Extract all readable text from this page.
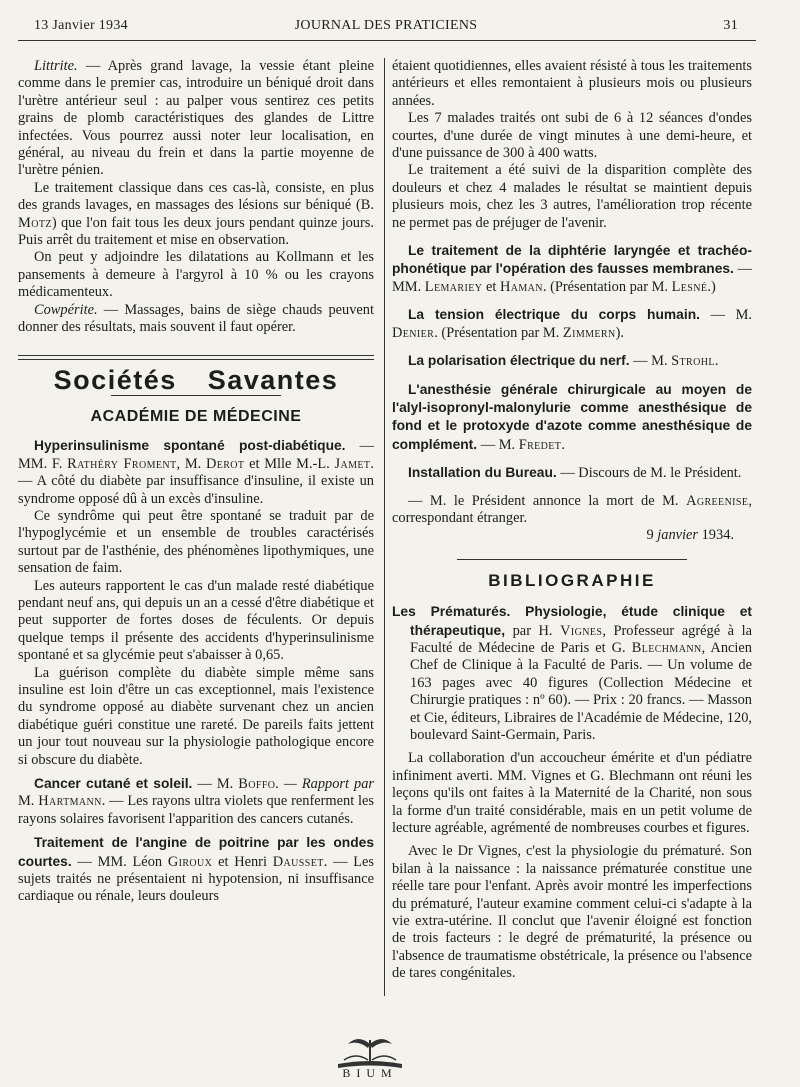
13 Janvier 1934	JOURNAL DES PRATICIENS	31

Littrite. — Après grand lavage, la vessie étant pleine comme dans le premier cas, introduire un béniqué droit dans l'urètre antérieur seul : au palper vous sentirez ces petits grains de plomb caractéristiques des glandes de Littre infectées. Vous pourrez aussi noter leur localisation, en général, au niveau du frein et dans la partie moyenne de l'urètre pénien.

Le traitement classique dans ces cas-là, consiste, en plus des grands lavages, en massages des lésions sur béniqué (B. Motz) que l'on fait tous les deux jours pendant quinze jours. Puis arrêt du traitement et mise en observation.

On peut y adjoindre les dilatations au Kollmann et les pansements à demeure à l'argyrol à 10 % ou les crayons médicamenteux.

Cowpérite. — Massages, bains de siège chauds peuvent donner des résultats, mais souvent il faut opérer.

Sociétés Savantes
ACADÉMIE DE MÉDECINE

Hyperinsulinisme spontané post-diabétique. — MM. F. Rathéry Froment, M. Derot et Mlle M.-L. Jamet. — A côté du diabète par insuffisance d'insuline, il existe un syndrome opposé dû à un excès d'insuline.

Ce syndrôme qui peut être spontané se traduit par de l'hypoglycémie et un ensemble de troubles caractérisés surtout par de l'asthénie, des phénomènes lipothymiques, une sensation de faim.

Les auteurs rapportent le cas d'un malade resté diabétique pendant neuf ans, qui depuis un an a cessé d'être diabétique et peut supporter de fortes doses de féculents. Or depuis quelque temps il présente des accidents d'hyperinsulinisme spontané et sa glycémie peut s'abaisser à 0,65.

La guérison complète du diabète simple même sans insuline est loin d'être un cas exceptionnel, mais l'existence du syndrome opposé au diabète survenant chez un ancien diabétique guéri constitue une rareté. De pareils faits jettent un jour tout nouveau sur la physiologie pathologique encore si obscure du diabète.

Cancer cutané et soleil. — M. Boffo. — Rapport par M. Hartmann. — Les rayons ultra violets que renferment les rayons solaires favorisent l'apparition des cancers cutanés.

Traitement de l'angine de poitrine par les ondes courtes. — MM. Léon Giroux et Henri Dausset. — Les sujets traités ne présentaient ni hypotension, ni insuffisance cardiaque ou rénale, leurs douleurs

étaient quotidiennes, elles avaient résisté à tous les traitements antérieurs et elles remontaient à plusieurs mois ou plusieurs années.

Les 7 malades traités ont subi de 6 à 12 séances d'ondes courtes, d'une durée de vingt minutes à une demi-heure, et d'une puissance de 300 à 400 watts.

Le traitement a été suivi de la disparition complète des douleurs et chez 4 malades le résultat se maintient depuis plusieurs mois, chez les 3 autres, l'amélioration trop récente ne permet pas de préjuger de l'avenir.

Le traitement de la diphtérie laryngée et trachéo-phonétique par l'opération des fausses membranes. — MM. Lemariey et Haman. (Présentation par M. Lesné.)

La tension électrique du corps humain. — M. Denier. (Présentation par M. Zimmern).

La polarisation électrique du nerf. — M. Strohl.

L'anesthésie générale chirurgicale au moyen de l'alyl-isopronyl-malonylurie comme anesthésique de fond et le protoxyde d'azote comme anesthésique de complément. — M. Fredet.

Installation du Bureau. — Discours de M. le Président.

— M. le Président annonce la mort de M. Agreenise, correspondant étranger.

9 janvier 1934.

BIBLIOGRAPHIE

Les Prématurés. Physiologie, étude clinique et thérapeutique, par H. Vignes, Professeur agrégé à la Faculté de Médecine de Paris et G. Blechmann, Ancien Chef de Clinique à la Faculté de Paris. — Un volume de 163 pages avec 40 figures (Collection Médecine et Chirurgie pratiques : nº 60). — Prix : 20 francs. — Masson et Cie, éditeurs, Libraires de l'Académie de Médecine, 120, boulevard Saint-Germain, Paris.

La collaboration d'un accoucheur émérite et d'un pédiatre infiniment averti. MM. Vignes et G. Blechmann ont réuni les leçons qu'ils ont faites à la Maternité de la Charité, non sous la forme d'un traité considérable, mais en un petit volume de lecture agréable, agrémenté de nombreuses courbes et figures.

Avec le Dr Vignes, c'est la physiologie du prématuré. Son bilan à la naissance : la naissance prématurée constitue une réelle tare pour l'enfant. Après avoir montré les imperfections du prématuré, l'auteur examine comment celui-ci s'adapte à la vie extra-utérine. Il conclut que l'avenir éloigné est fonction de trois facteurs : le degré de prématurité, la présence ou l'absence de traumatisme obstétricale, la présence ou l'absence de tares congénitales.

BIUM
